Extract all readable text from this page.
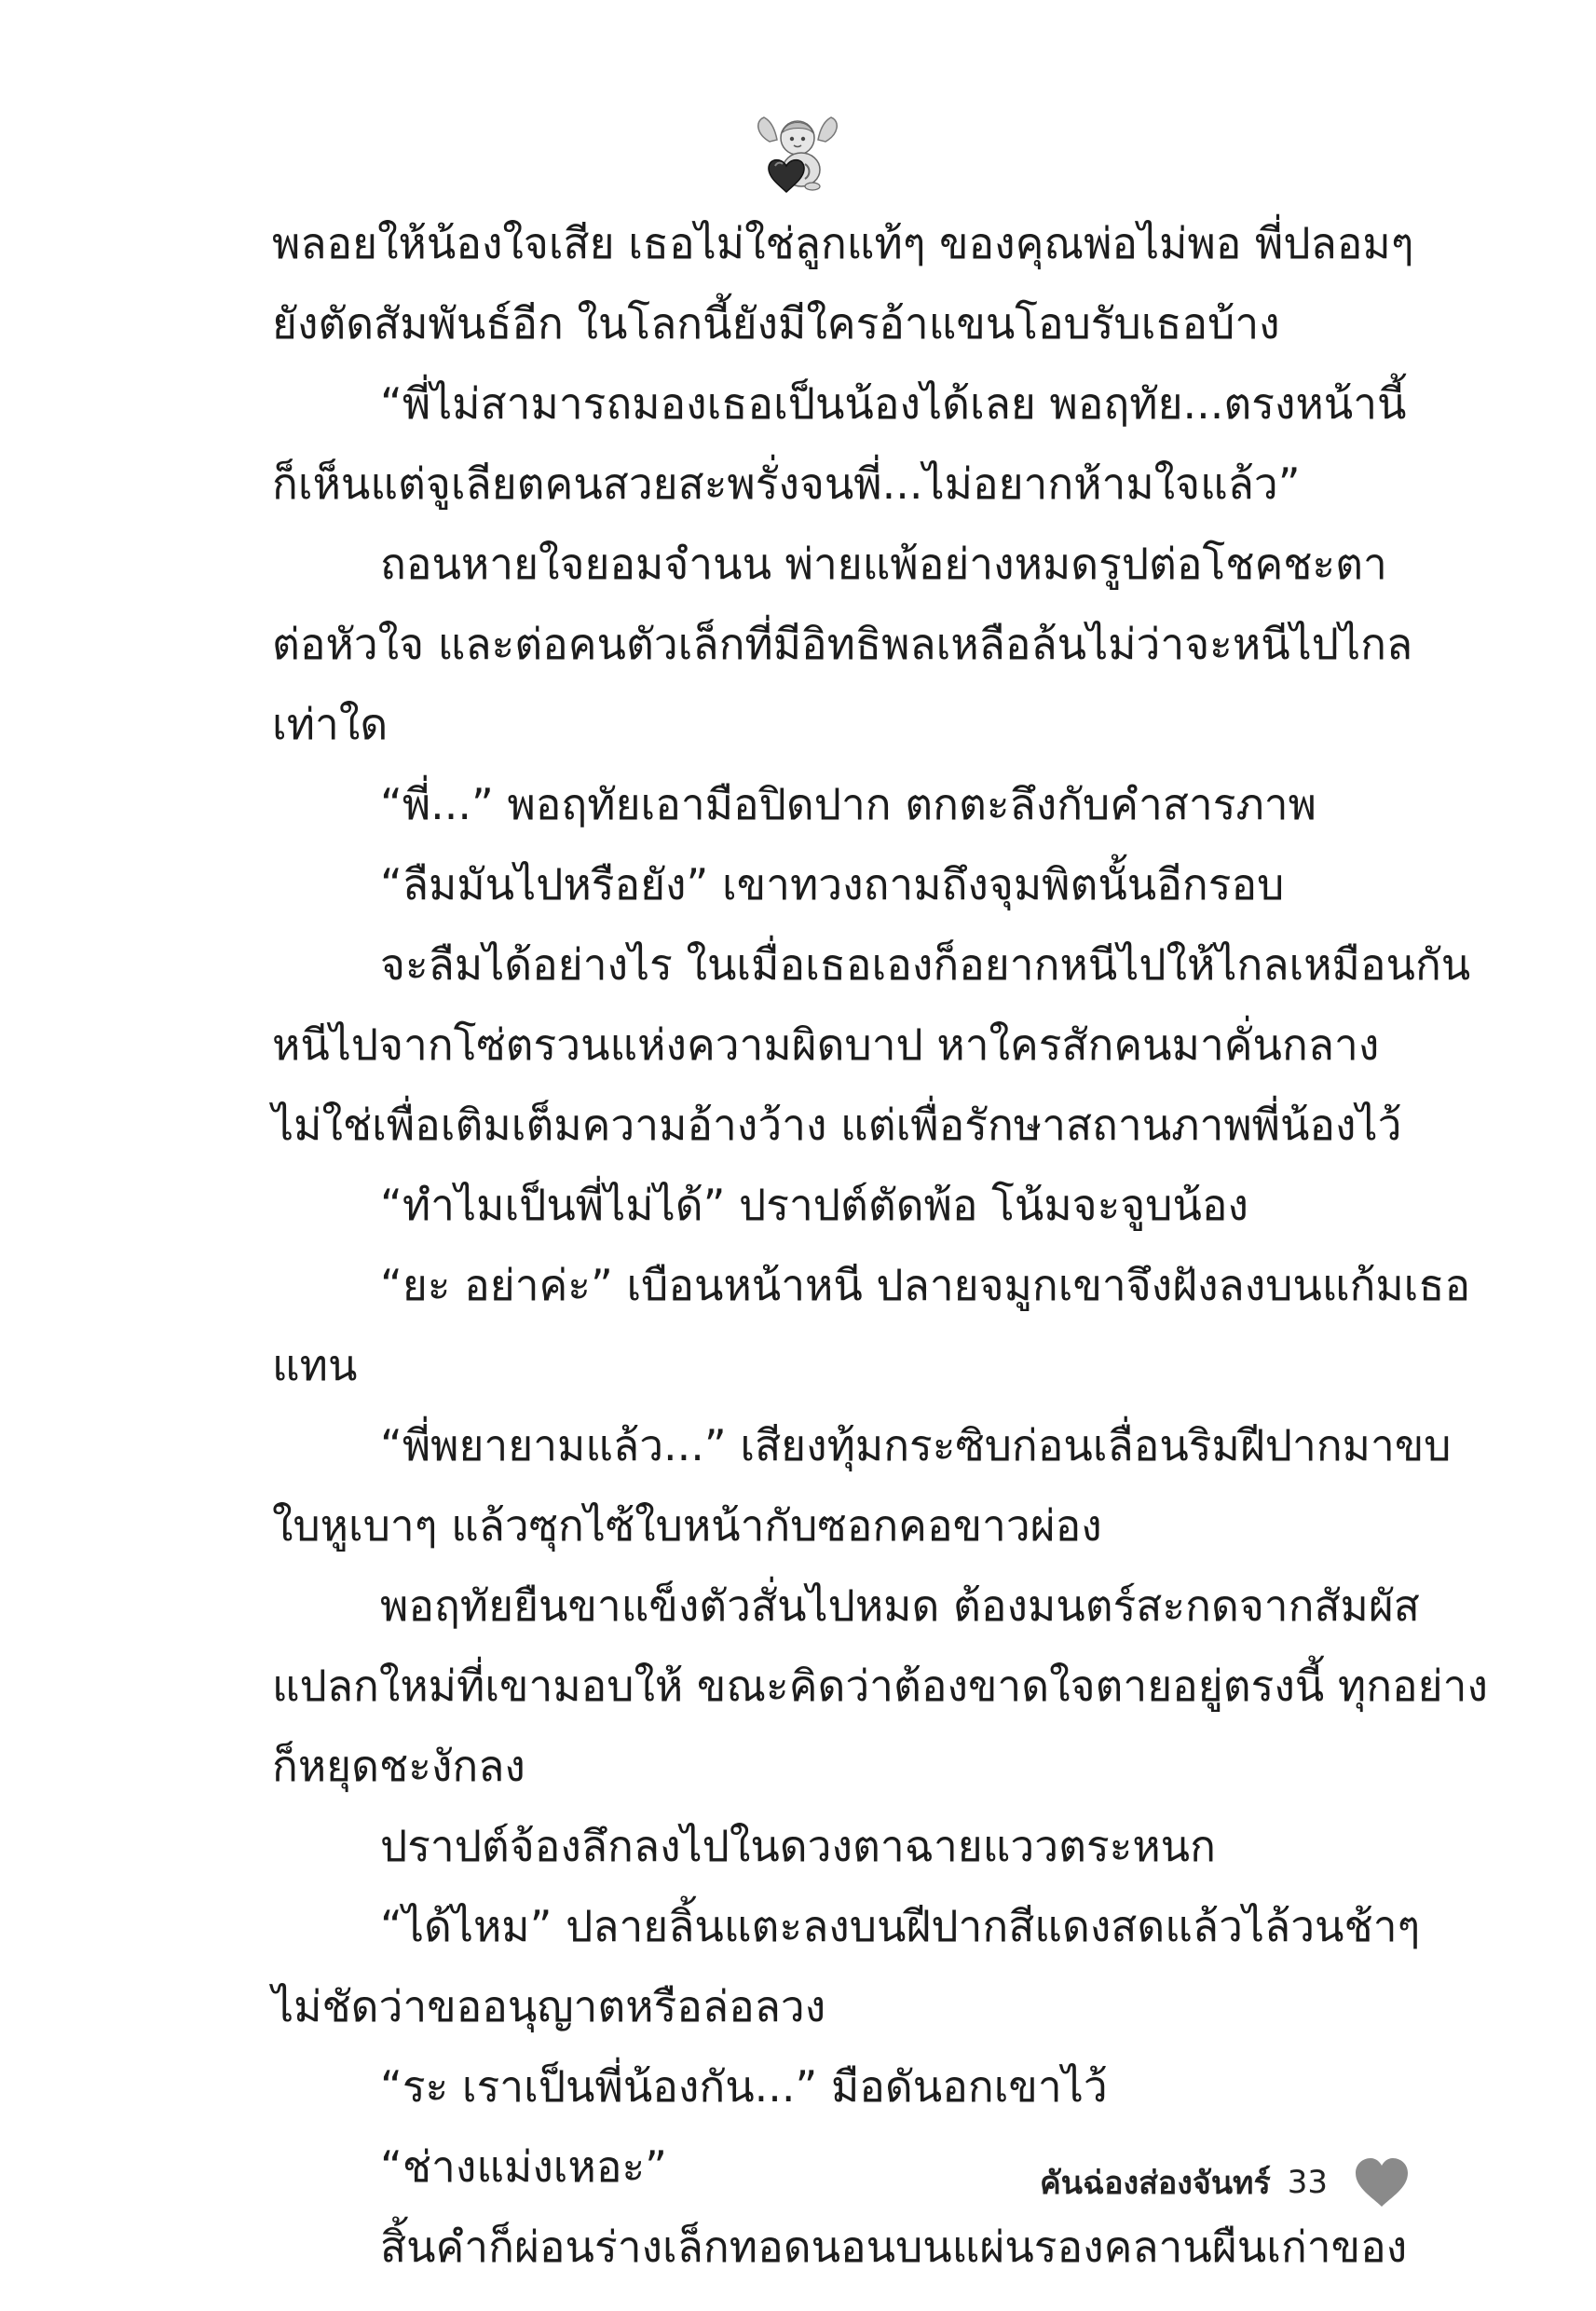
พลอยให้น้องใจเสีย เธอไม่ใช่ลูกแท้ๆ ของคุณพ่อไม่พอ พี่ปลอมๆ
ยังตัดสัมพันธ์อีก ในโลกนี้ยังมีใครอ้าแขนโอบรับเธอบ้าง
“พี่ไม่สามารถมองเธอเป็นน้องได้เลย พอฤทัย...ตรงหน้านี้
ก็เห็นแต่จูเลียตคนสวยสะพรั่งจนพี่...ไม่อยากห้ามใจแล้ว”
ถอนหายใจยอมจำนน พ่ายแพ้อย่างหมดรูปต่อโชคชะตา
ต่อหัวใจ และต่อคนตัวเล็กที่มีอิทธิพลเหลือล้นไม่ว่าจะหนีไปไกล
เท่าใด
“พี่...” พอฤทัยเอามือปิดปาก ตกตะลึงกับคำสารภาพ
“ลืมมันไปหรือยัง” เขาทวงถามถึงจุมพิตนั้นอีกรอบ
จะลืมได้อย่างไร ในเมื่อเธอเองก็อยากหนีไปให้ไกลเหมือนกัน
หนีไปจากโซ่ตรวนแห่งความผิดบาป หาใครสักคนมาคั่นกลาง
ไม่ใช่เพื่อเติมเต็มความอ้างว้าง แต่เพื่อรักษาสถานภาพพี่น้องไว้
“ทำไมเป็นพี่ไม่ได้” ปราปต์ตัดพ้อ โน้มจะจูบน้อง
“ยะ อย่าค่ะ” เบือนหน้าหนี ปลายจมูกเขาจึงฝังลงบนแก้มเธอ
แทน
“พี่พยายามแล้ว...” เสียงทุ้มกระซิบก่อนเลื่อนริมฝีปากมาขบ
ใบหูเบาๆ แล้วซุกไซ้ใบหน้ากับซอกคอขาวผ่อง
พอฤทัยยืนขาแข็งตัวสั่นไปหมด ต้องมนตร์สะกดจากสัมผัส
แปลกใหม่ที่เขามอบให้ ขณะคิดว่าต้องขาดใจตายอยู่ตรงนี้ ทุกอย่าง
ก็หยุดชะงักลง
ปราปต์จ้องลึกลงไปในดวงตาฉายแววตระหนก
“ได้ไหม” ปลายลิ้นแตะลงบนฝีปากสีแดงสดแล้วไล้วนช้าๆ
ไม่ชัดว่าขออนุญาตหรือล่อลวง
“ระ เราเป็นพี่น้องกัน...” มือดันอกเขาไว้
“ช่างแม่งเหอะ”
สิ้นคำก็ผ่อนร่างเล็กทอดนอนบนแผ่นรองคลานผืนเก่าของ
คันฉ่องส่องจันทร์ 33
